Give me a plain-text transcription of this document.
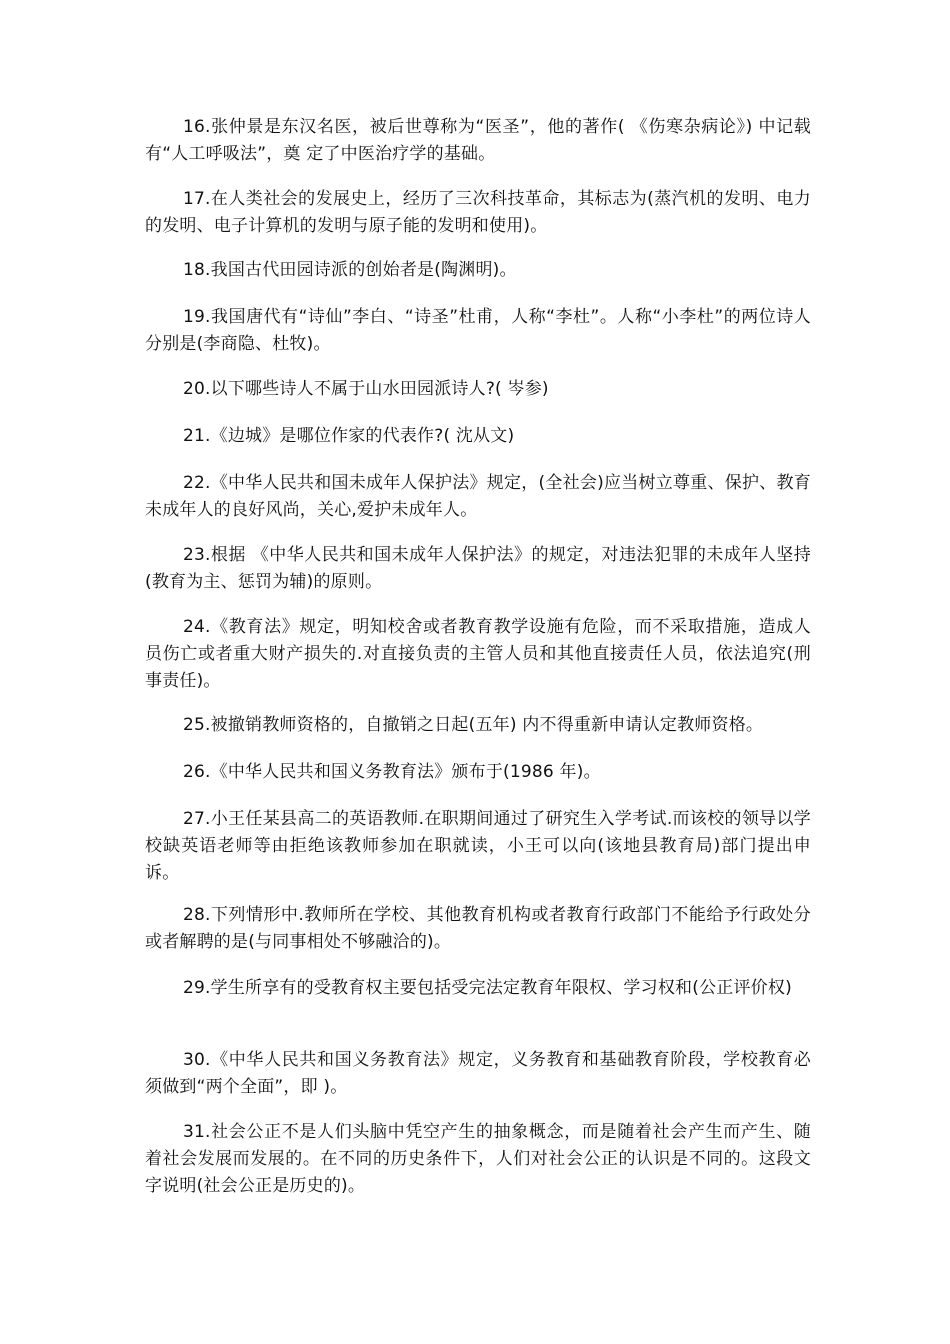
16.张仲景是东汉名医，被后世尊称为“医圣”，他的著作( 《伤寒杂病论》) 中记载有“人工呼吸法”，奠 定了中医治疗学的基础。

17.在人类社会的发展史上，经历了三次科技革命，其标志为(蒸汽机的发明、电力的发明、电子计算机的发明与原子能的发明和使用)。

18.我国古代田园诗派的创始者是(陶渊明)。

19.我国唐代有“诗仙”李白、“诗圣”杜甫，人称“李杜”。人称“小李杜”的两位诗人分别是(李商隐、杜牧)。

20.以下哪些诗人不属于山水田园派诗人?( 岑参)

21.《边城》是哪位作家的代表作?( 沈从文)

22.《中华人民共和国未成年人保护法》规定，(全社会)应当树立尊重、保护、教育未成年人的良好风尚，关心,爱护未成年人。

23.根据 《中华人民共和国未成年人保护法》的规定，对违法犯罪的未成年人坚持(教育为主、惩罚为辅)的原则。

24.《教育法》规定，明知校舍或者教育教学设施有危险，而不采取措施，造成人员伤亡或者重大财产损失的.对直接负责的主管人员和其他直接责任人员，依法追究(刑事责任)。

25.被撤销教师资格的，自撤销之日起(五年) 内不得重新申请认定教师资格。

26.《中华人民共和国义务教育法》颁布于(1986 年)。

27.小王任某县高二的英语教师.在职期间通过了研究生入学考试.而该校的领导以学校缺英语老师等由拒绝该教师参加在职就读，小王可以向(该地县教育局)部门提出申诉。

28.下列情形中.教师所在学校、其他教育机构或者教育行政部门不能给予行政处分或者解聘的是(与同事相处不够融洽的)。

29.学生所享有的受教育权主要包括受完法定教育年限权、学习权和(公正评价权)

30.《中华人民共和国义务教育法》规定，义务教育和基础教育阶段，学校教育必须做到“两个全面”，即 )。

31.社会公正不是人们头脑中凭空产生的抽象概念，而是随着社会产生而产生、随着社会发展而发展的。在不同的历史条件下，人们对社会公正的认识是不同的。这段文字说明(社会公正是历史的)。
